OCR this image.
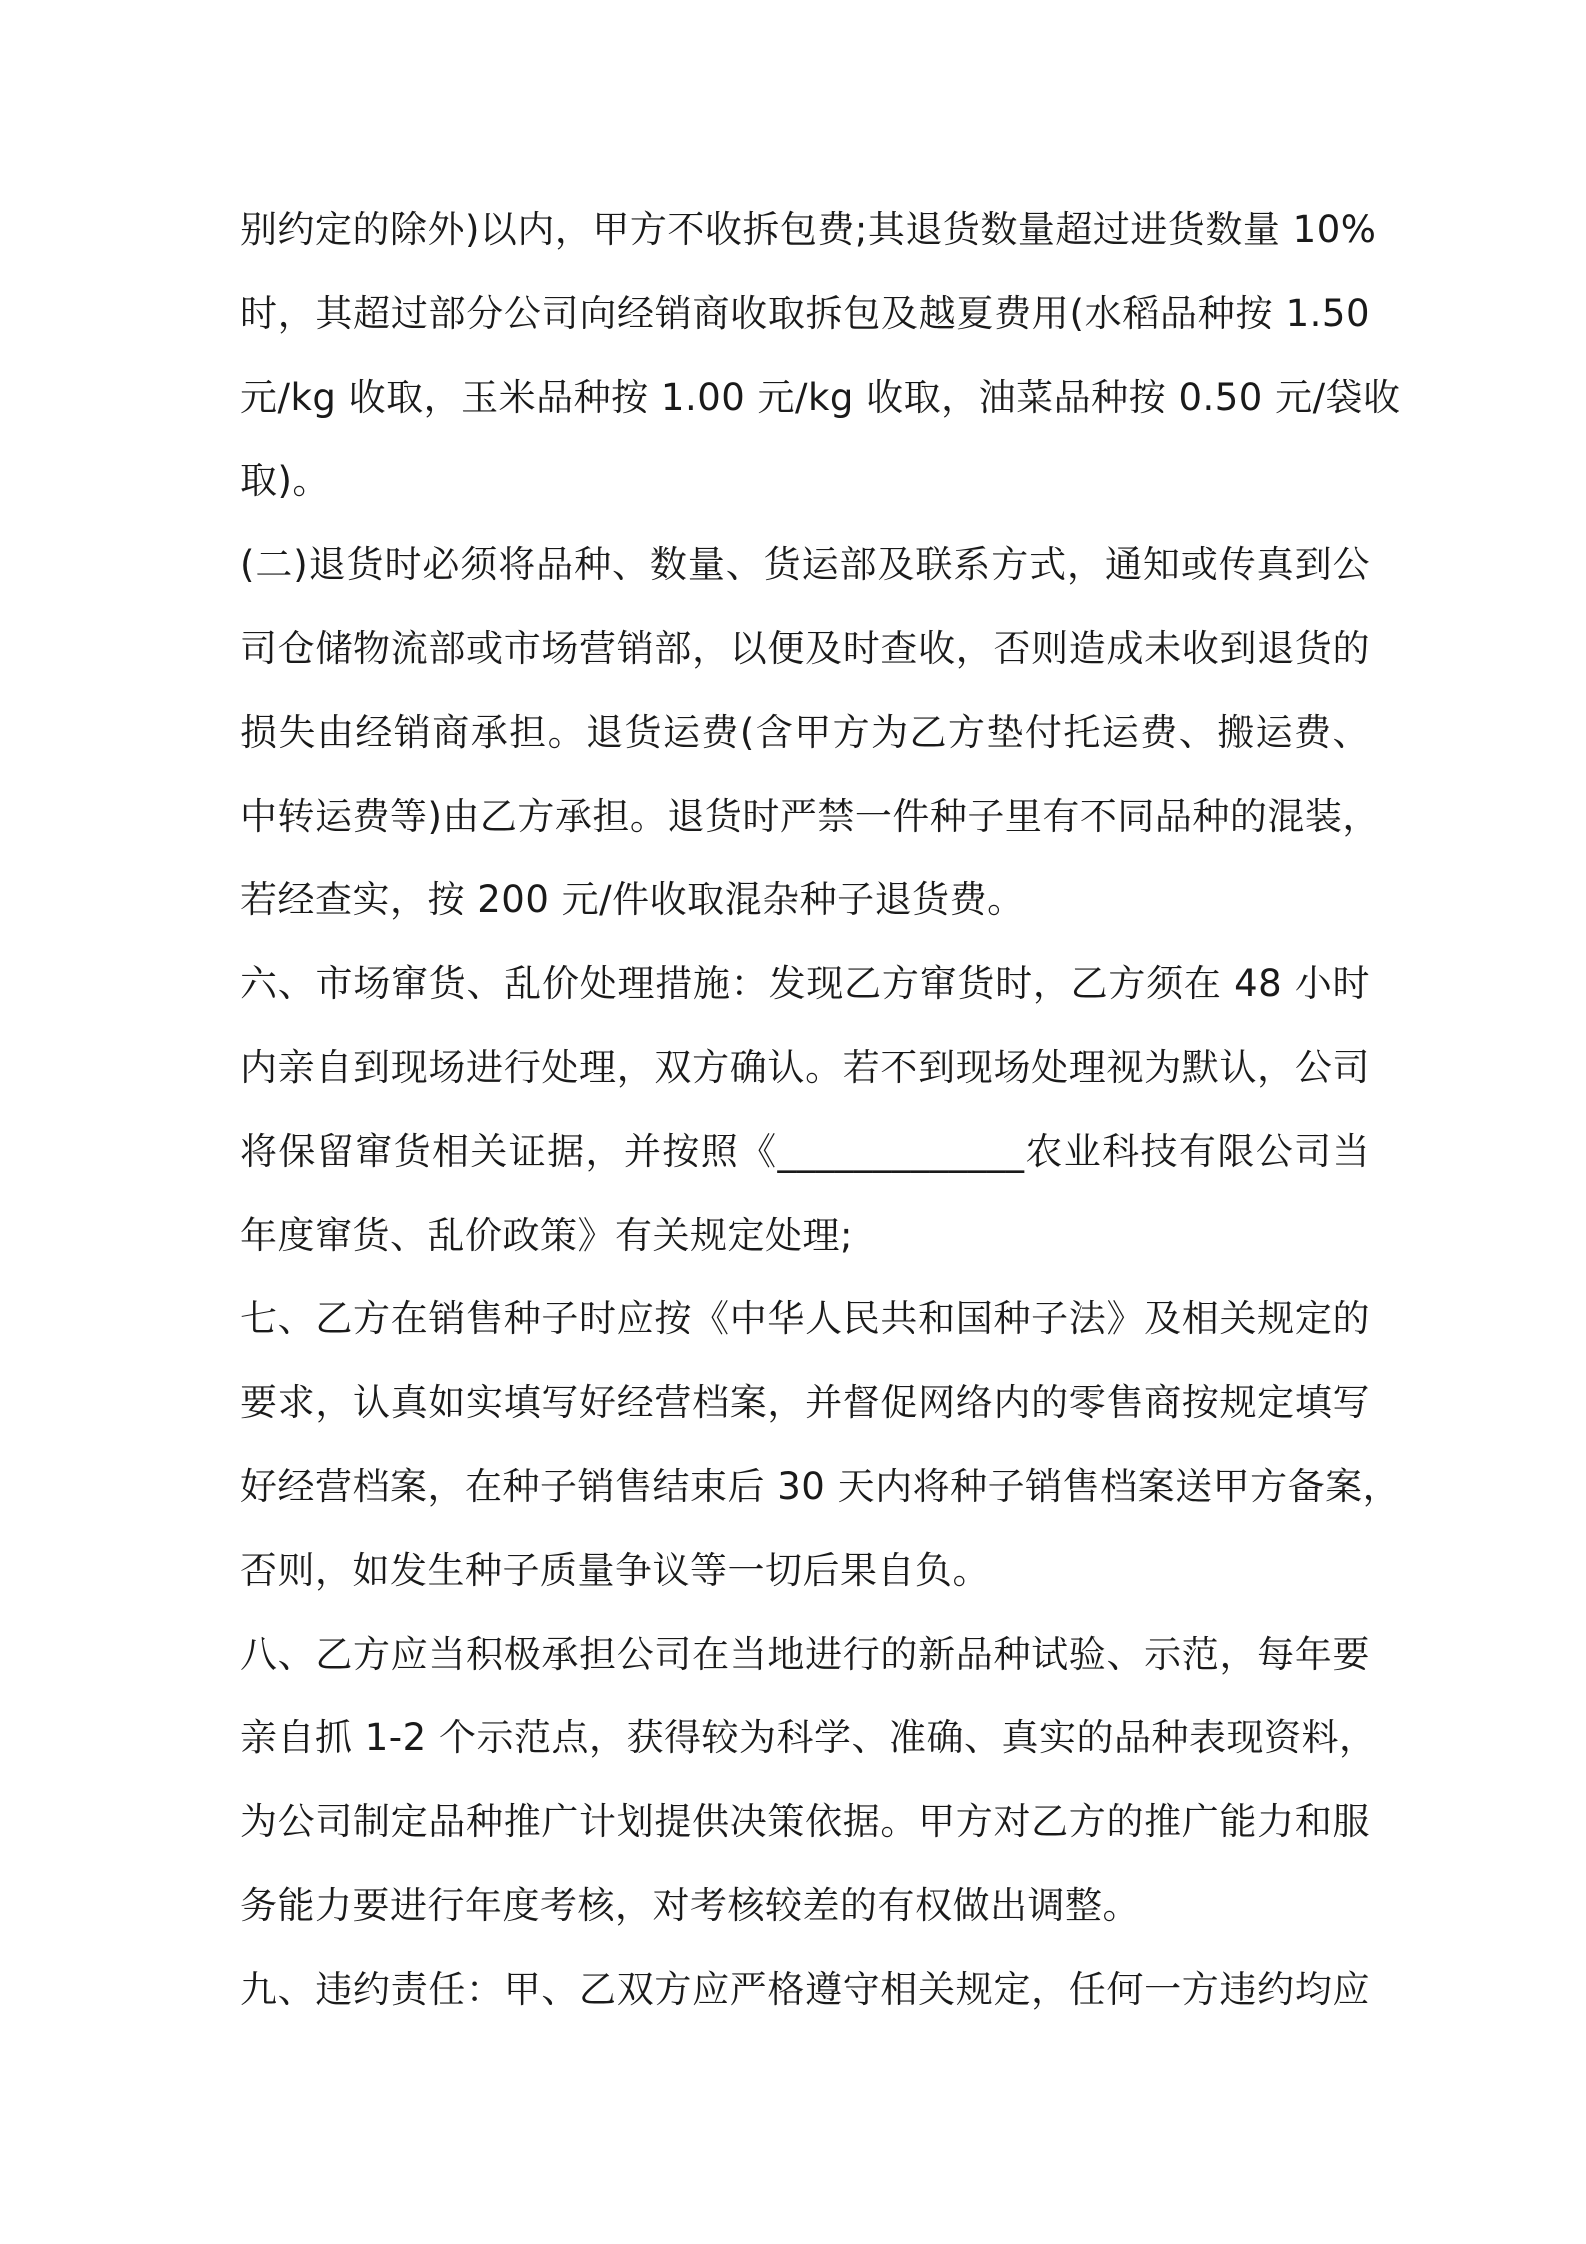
别约定的除外)以内，甲方不收拆包费;其退货数量超过进货数量 10%
时，其超过部分公司向经销商收取拆包及越夏费用(水稻品种按 1.50
元/kg 收取，玉米品种按 1.00 元/kg 收取，油菜品种按 0.50 元/袋收
取)。
(二)退货时必须将品种、数量、货运部及联系方式，通知或传真到公
司仓储物流部或市场营销部，以便及时查收，否则造成未收到退货的
损失由经销商承担。退货运费(含甲方为乙方垫付托运费、搬运费、
中转运费等)由乙方承担。退货时严禁一件种子里有不同品种的混装，
若经查实，按 200 元/件收取混杂种子退货费。
六、市场窜货、乱价处理措施：发现乙方窜货时，乙方须在 48 小时
内亲自到现场进行处理，双方确认。若不到现场处理视为默认，公司
将保留窜货相关证据，并按照《_____________农业科技有限公司当
年度窜货、乱价政策》有关规定处理;
七、乙方在销售种子时应按《中华人民共和国种子法》及相关规定的
要求，认真如实填写好经营档案，并督促网络内的零售商按规定填写
好经营档案，在种子销售结束后 30 天内将种子销售档案送甲方备案，
否则，如发生种子质量争议等一切后果自负。
八、乙方应当积极承担公司在当地进行的新品种试验、示范，每年要
亲自抓 1-2 个示范点，获得较为科学、准确、真实的品种表现资料，
为公司制定品种推广计划提供决策依据。甲方对乙方的推广能力和服
务能力要进行年度考核，对考核较差的有权做出调整。
九、违约责任：甲、乙双方应严格遵守相关规定，任何一方违约均应
